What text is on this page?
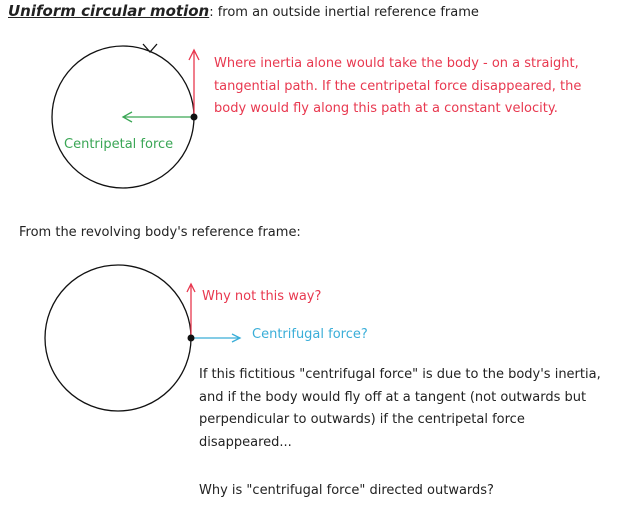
Uniform circular motion: from an outside inertial reference frame
Where inertia alone would take the body - on a straight,
tangential path. If the centripetal force disappeared, the
body would fly along this path at a constant velocity.
Centripetal force
From the revolving body's reference frame:
Why not this way?
Centrifugal force?
If this fictitious "centrifugal force" is due to the body's inertia,
and if the body would fly off at a tangent (not outwards but
perpendicular to outwards) if the centripetal force
disappeared...
Why is "centrifugal force" directed outwards?
